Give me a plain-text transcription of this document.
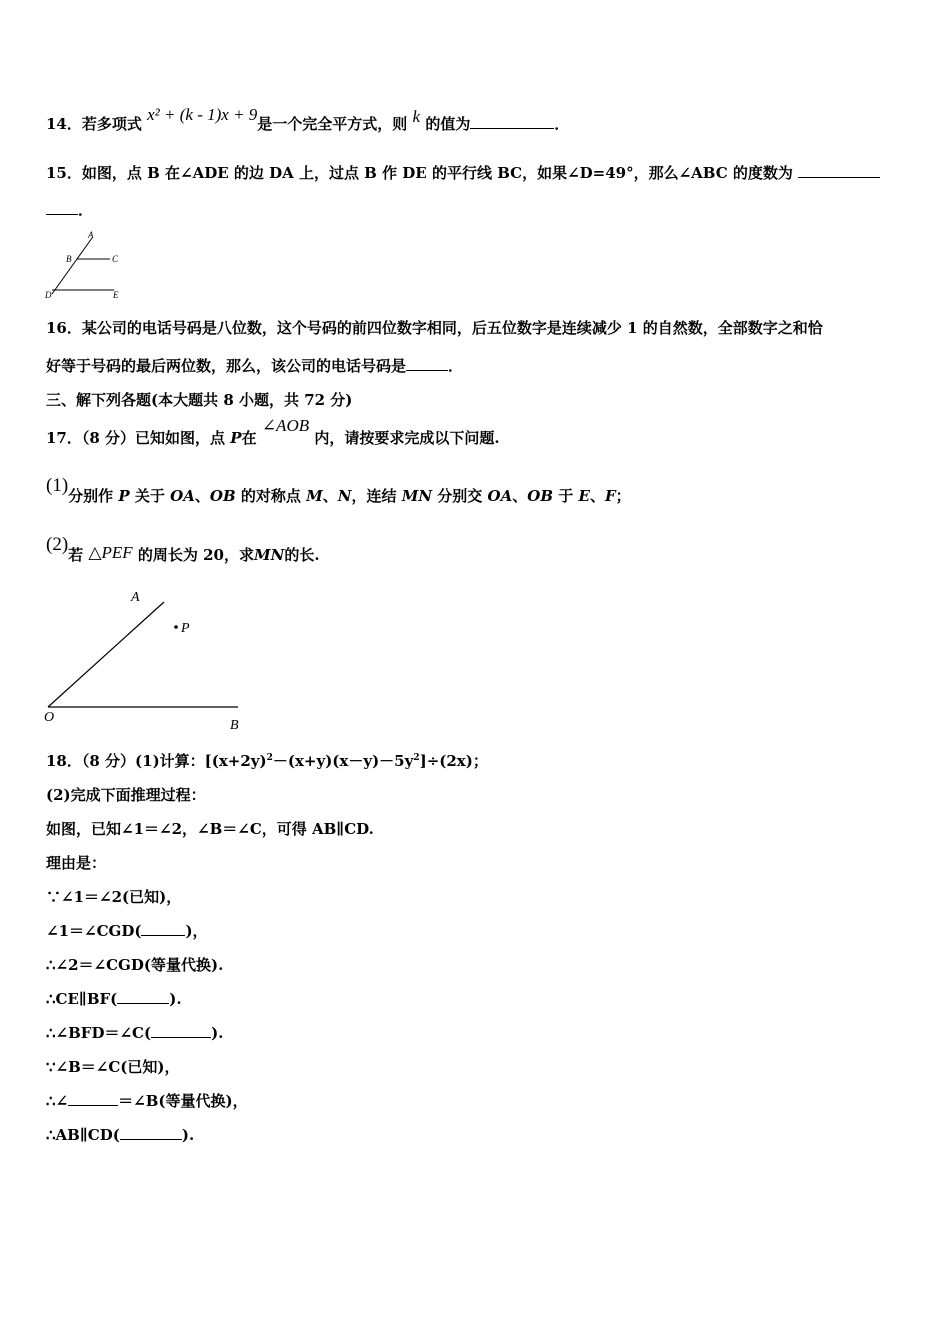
14．若多项式 x² + (k - 1)x + 9是一个完全平方式，则 k 的值为	．
15．如图，点 B 在∠ADE 的边 DA 上，过点 B 作 DE 的平行线 BC，如果∠D=49°，那么∠ABC 的度数为
．
A
B	C
D	E
16．某公司的电话号码是八位数，这个号码的前四位数字相同，后五位数字是连续减少 1 的自然数，全部数字之和恰
好等于号码的最后两位数，那么，该公司的电话号码是	．
三、解下列各题(本大题共 8 小题，共 72 分)
17．（8 分）已知如图，点 P在 ∠AOB 内，请按要求完成以下问题.
(1)分别作 P 关于 OA、OB 的对称点 M、N，连结 MN 分别交 OA、OB 于 E、F；
(2)若 △PEF 的周长为 20，求MN的长.
A
P
O
B
18．（8 分）(1)计算：$[(x+2y)^2-(x+y)(x-y)-5y^2]\div(2x)$；
(2)完成下面推理过程：
如图，已知∠1＝∠2，∠B＝∠C，可得 AB∥CD.
理由是：
∵∠1＝∠2(已知)，
∠1＝∠CGD(	)，
∴∠2＝∠CGD(等量代换).
∴CE∥BF(	).
∴∠BFD＝∠C(	).
∵∠B＝∠C(已知)，
∴∠	＝∠B(等量代换)，
∴AB∥CD(	).
